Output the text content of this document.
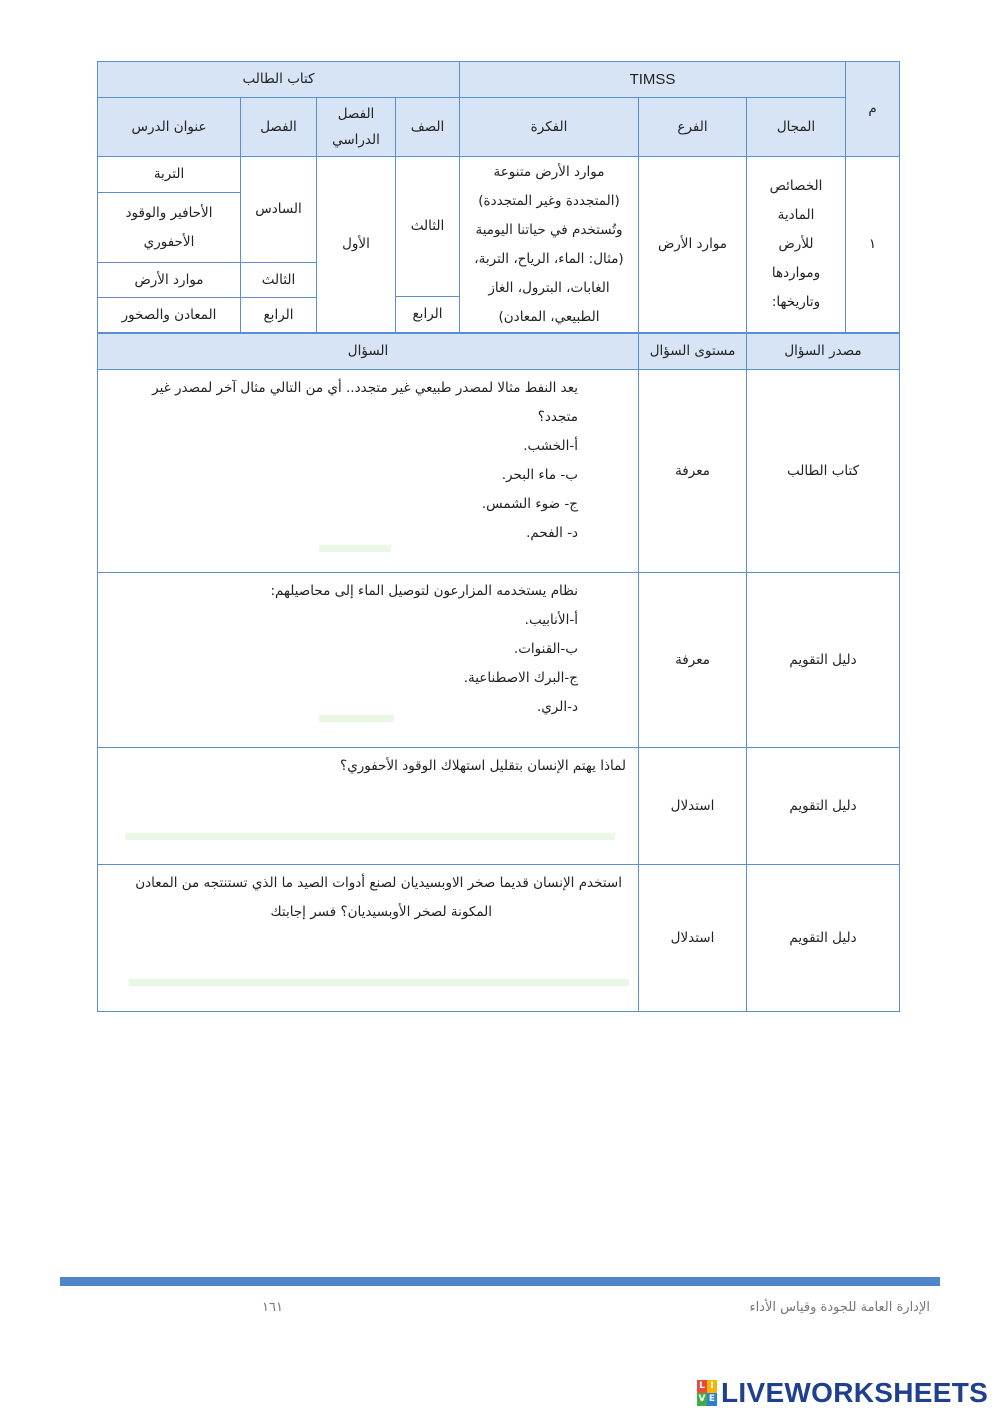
م
TIMSS
كتاب الطالب
المجال
الفرع
الفكرة
الصف
الفصل الدراسي
الفصل
عنوان الدرس
١
الخصائص المادية للأرض ومواردها وتاريخها:
موارد الأرض
موارد الأرض متنوعة (المتجددة وغير المتجددة) وتُستخدم في حياتنا اليومية (مثال: الماء، الرياح، التربة، الغابات، البترول، الغاز الطبيعي، المعادن)
الثالث
الرابع
الأول
السادس
الثالث
الرابع
التربة
الأحافير والوقود الأحفوري
موارد الأرض
المعادن والصخور
مصدر السؤال
مستوى السؤال
السؤال
كتاب الطالب
معرفة
يعد النفط مثالا لمصدر طبيعي غير متجدد.. أي من التالي مثال آخر لمصدر غير
متجدد؟
أ-الخشب.
ب- ماء البحر.
ج- ضوء الشمس.
د- الفحم.
دليل التقويم
معرفة
نظام يستخدمه المزارعون لتوصيل الماء إلى محاصيلهم:
أ-الأنابيب.
ب-القنوات.
ج-البرك الاصطناعية.
د-الري.
دليل التقويم
استدلال
لماذا يهتم الإنسان بتقليل استهلاك الوقود الأحفوري؟
دليل التقويم
استدلال
استخدم الإنسان قديما صخر الاوبسيديان لصنع أدوات الصيد ما الذي تستنتجه من المعادن
المكونة لصخر الأوبسيديان؟ فسر إجابتك
الإدارة العامة للجودة وقياس الأداء
١٦١
L I
V E LIVEWORKSHEETS
